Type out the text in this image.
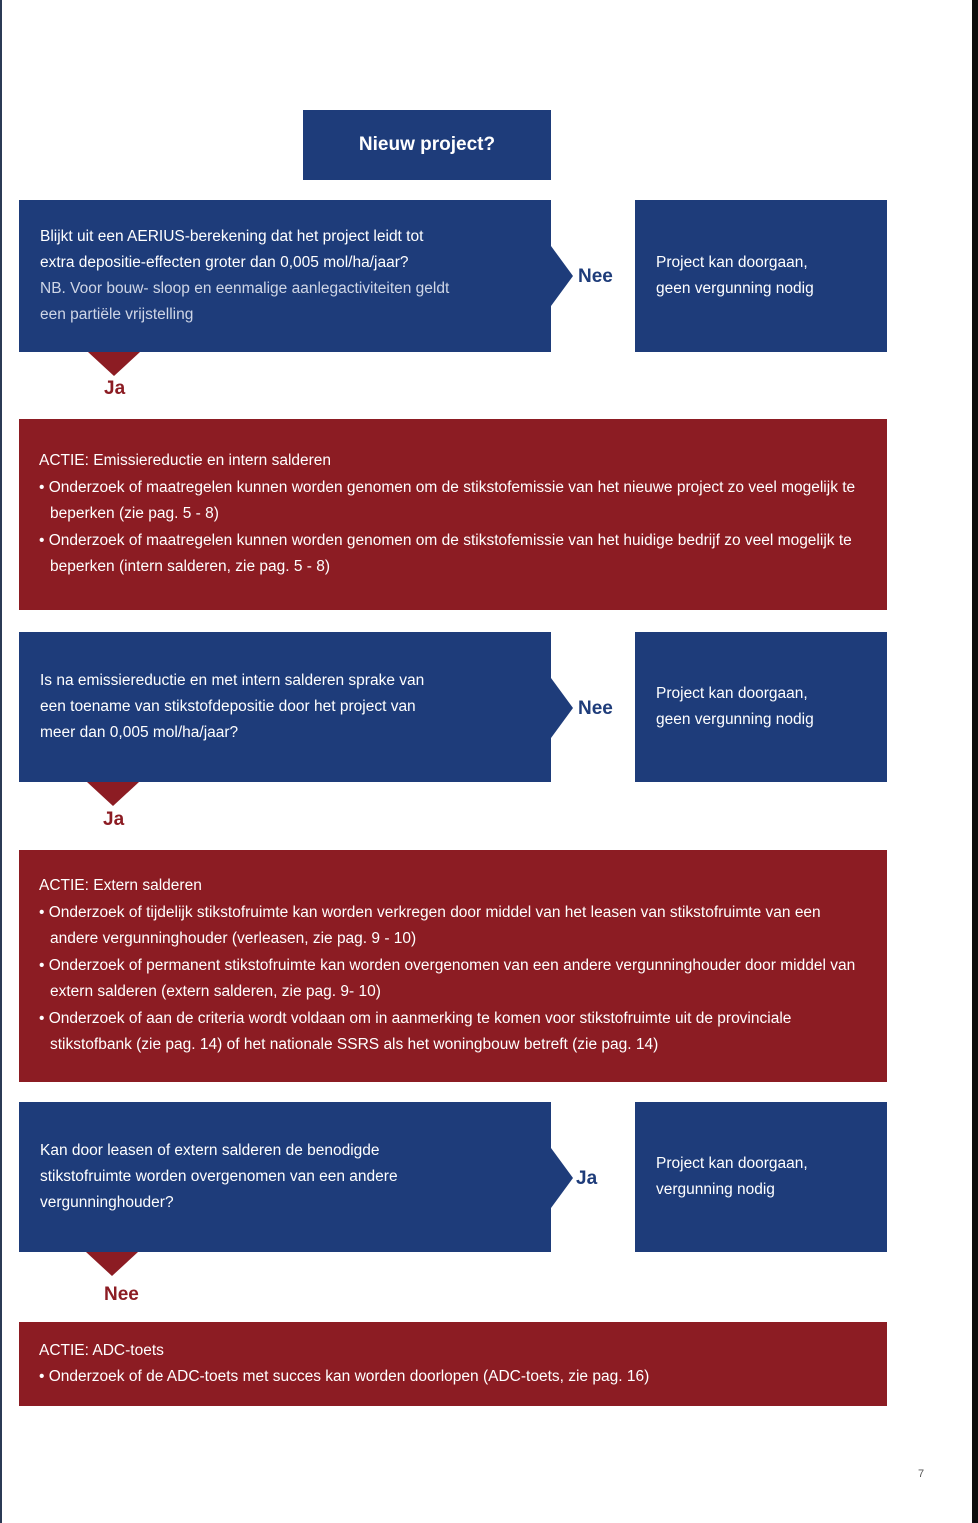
Nieuw project?
Blijkt uit een AERIUS-berekening dat het project leidt tot
extra depositie-effecten groter dan 0,005 mol/ha/jaar?
NB. Voor bouw- sloop en eenmalige aanlegactiviteiten geldt
een partiële vrijstelling
Nee
Project kan doorgaan,
geen vergunning nodig
Ja
ACTIE: Emissiereductie en intern salderen
• Onderzoek of maatregelen kunnen worden genomen om de stikstofemissie van het nieuwe project zo veel mogelijk te beperken (zie pag. 5 - 8)
• Onderzoek of maatregelen kunnen worden genomen om de stikstofemissie van het huidige bedrijf zo veel mogelijk te beperken (intern salderen, zie pag. 5 - 8)
Is na emissiereductie en met intern salderen sprake van
een toename van stikstofdepositie door het project van
meer dan 0,005 mol/ha/jaar?
Nee
Project kan doorgaan,
geen vergunning nodig
Ja
ACTIE: Extern salderen
• Onderzoek of tijdelijk stikstofruimte kan worden verkregen door middel van het leasen van stikstofruimte van een andere vergunninghouder (verleasen, zie pag. 9 - 10)
• Onderzoek of permanent stikstofruimte kan worden overgenomen van een andere vergunninghouder door middel van extern salderen (extern salderen, zie pag. 9- 10)
• Onderzoek of aan de criteria wordt voldaan om in aanmerking te komen voor stikstofruimte uit de provinciale stikstofbank (zie pag. 14) of het nationale SSRS als het woningbouw betreft (zie pag. 14)
Kan door leasen of extern salderen de benodigde
stikstofruimte worden overgenomen van een andere
vergunninghouder?
Ja
Project kan doorgaan,
vergunning nodig
Nee
ACTIE: ADC-toets
• Onderzoek of de ADC-toets met succes kan worden doorlopen (ADC-toets, zie pag. 16)
7
